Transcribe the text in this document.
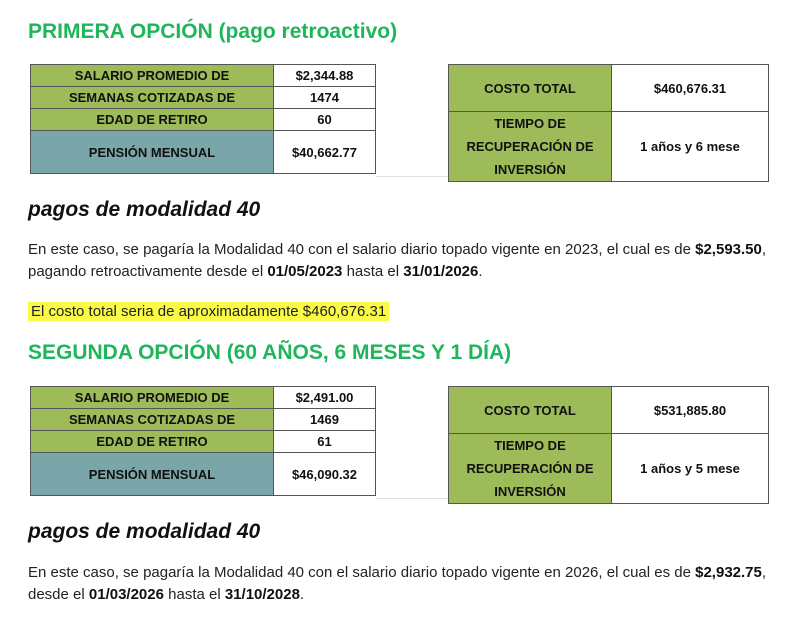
PRIMERA OPCIÓN (pago retroactivo)
SALARIO PROMEDIO DE	$2,344.88
SEMANAS COTIZADAS DE	1474
EDAD DE RETIRO	60
PENSIÓN MENSUAL	$40,662.77
COSTO TOTAL	$460,676.31

TIEMPO DE
RECUPERACIÓN DE
INVERSIÓN	1 años y 6 mese
pagos de modalidad 40

En este caso, se pagaría la Modalidad 40 con el salario diario topado vigente en 2023, el cual es de $2,593.50, pagando retroactivamente desde el 01/05/2023 hasta el 31/01/2026.

El costo total seria de aproximadamente $460,676.31

SEGUNDA OPCIÓN (60 AÑOS, 6 MESES Y 1 DÍA)
SALARIO PROMEDIO DE	$2,491.00
SEMANAS COTIZADAS DE	1469
EDAD DE RETIRO	61
PENSIÓN MENSUAL	$46,090.32
COSTO TOTAL	$531,885.80

TIEMPO DE
RECUPERACIÓN DE
INVERSIÓN	1 años y 5 mese
pagos de modalidad 40

En este caso, se pagaría la Modalidad 40 con el salario diario topado vigente en 2026, el cual es de $2,932.75, desde el 01/03/2026 hasta el 31/10/2028.
